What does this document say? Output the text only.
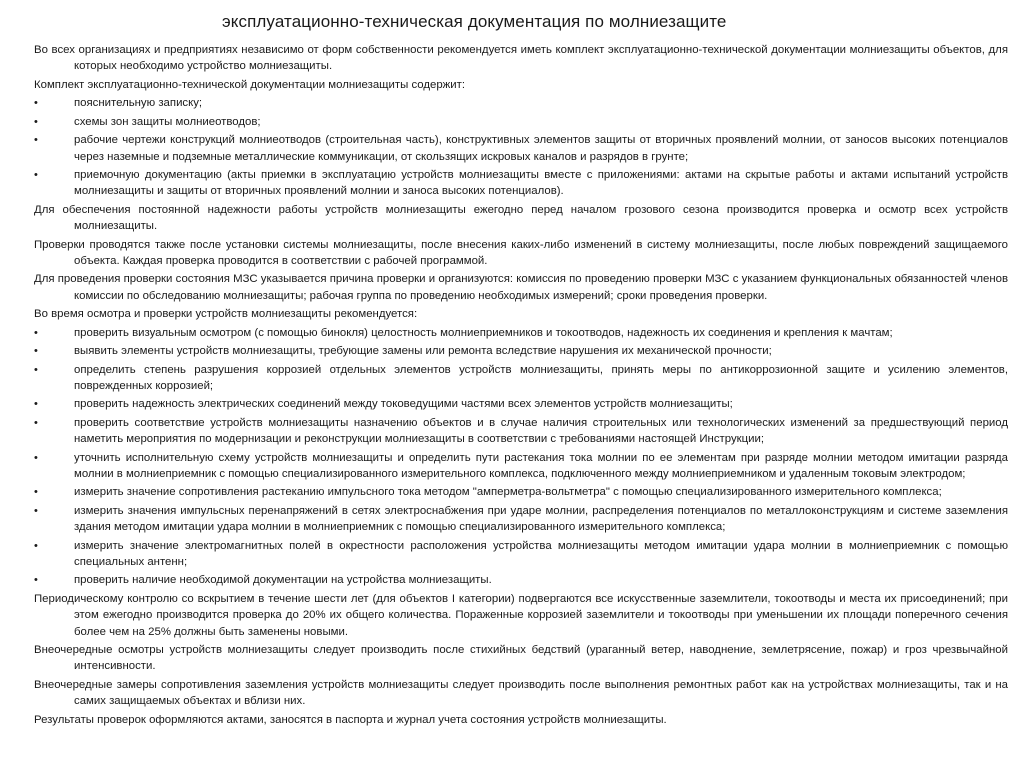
эксплуатационно-техническая документация по молниезащите
Во всех организациях и предприятиях независимо от форм собственности рекомендуется иметь комплект эксплуатационно-технической документации молниезащиты объектов, для которых необходимо устройство молниезащиты.
Комплект эксплуатационно-технической документации молниезащиты содержит:
•	пояснительную записку;
•	схемы зон защиты молниеотводов;
•	рабочие чертежи конструкций молниеотводов (строительная часть), конструктивных элементов защиты от вторичных проявлений молнии, от заносов высоких потенциалов через наземные и подземные металлические коммуникации, от скользящих искровых каналов и разрядов в грунте;
•	приемочную документацию (акты приемки в эксплуатацию устройств молниезащиты вместе с приложениями: актами на скрытые работы и актами испытаний устройств молниезащиты и защиты от вторичных проявлений молнии и заноса высоких потенциалов).
Для обеспечения постоянной надежности работы устройств молниезащиты ежегодно перед началом грозового сезона производится проверка и осмотр всех устройств молниезащиты.
Проверки проводятся также после установки системы молниезащиты, после внесения каких-либо изменений в систему молниезащиты, после любых повреждений защищаемого объекта. Каждая проверка проводится в соответствии с рабочей программой.
Для проведения проверки состояния МЗС указывается причина проверки и организуются: комиссия по проведению проверки МЗС с указанием функциональных обязанностей членов комиссии по обследованию молниезащиты; рабочая группа по проведению необходимых измерений; сроки проведения проверки.
Во время осмотра и проверки устройств молниезащиты рекомендуется:
•	проверить визуальным осмотром (с помощью бинокля) целостность молниеприемников и токоотводов, надежность их соединения и крепления к мачтам;
•	выявить элементы устройств молниезащиты, требующие замены или ремонта вследствие нарушения их механической прочности;
•	определить степень разрушения коррозией отдельных элементов устройств молниезащиты, принять меры по антикоррозионной защите и усилению элементов, поврежденных коррозией;
•	проверить надежность электрических соединений между токоведущими частями всех элементов устройств молниезащиты;
•	проверить соответствие устройств молниезащиты назначению объектов и в случае наличия строительных или технологических изменений за предшествующий период наметить мероприятия по модернизации и реконструкции молниезащиты в соответствии с требованиями настоящей Инструкции;
•	уточнить исполнительную схему устройств молниезащиты и определить пути растекания тока молнии по ее элементам при разряде молнии методом имитации разряда молнии в молниеприемник с помощью специализированного измерительного комплекса, подключенного между молниеприемником и удаленным токовым электродом;
•	измерить значение сопротивления растеканию импульсного тока методом "амперметра-вольтметра" с помощью специализированного измерительного комплекса;
•	измерить значения импульсных перенапряжений в сетях электроснабжения при ударе молнии, распределения потенциалов по металлоконструкциям и системе заземления здания методом имитации удара молнии в молниеприемник с помощью специализированного измерительного комплекса;
•	измерить значение электромагнитных полей в окрестности расположения устройства молниезащиты методом имитации удара молнии в молниеприемник с помощью специальных антенн;
•	проверить наличие необходимой документации на устройства молниезащиты.
Периодическому контролю со вскрытием в течение шести лет (для объектов I категории) подвергаются все искусственные заземлители, токоотводы и места их присоединений; при этом ежегодно производится проверка до 20% их общего количества. Пораженные коррозией заземлители и токоотводы при уменьшении их площади поперечного сечения более чем на 25% должны быть заменены новыми.
Внеочередные осмотры устройств молниезащиты следует производить после стихийных бедствий (ураганный ветер, наводнение, землетрясение, пожар) и гроз чрезвычайной интенсивности.
Внеочередные замеры сопротивления заземления устройств молниезащиты следует производить после выполнения ремонтных работ как на устройствах молниезащиты, так и на самих защищаемых объектах и вблизи них.
Результаты проверок оформляются актами, заносятся в паспорта и журнал учета состояния устройств молниезащиты.
